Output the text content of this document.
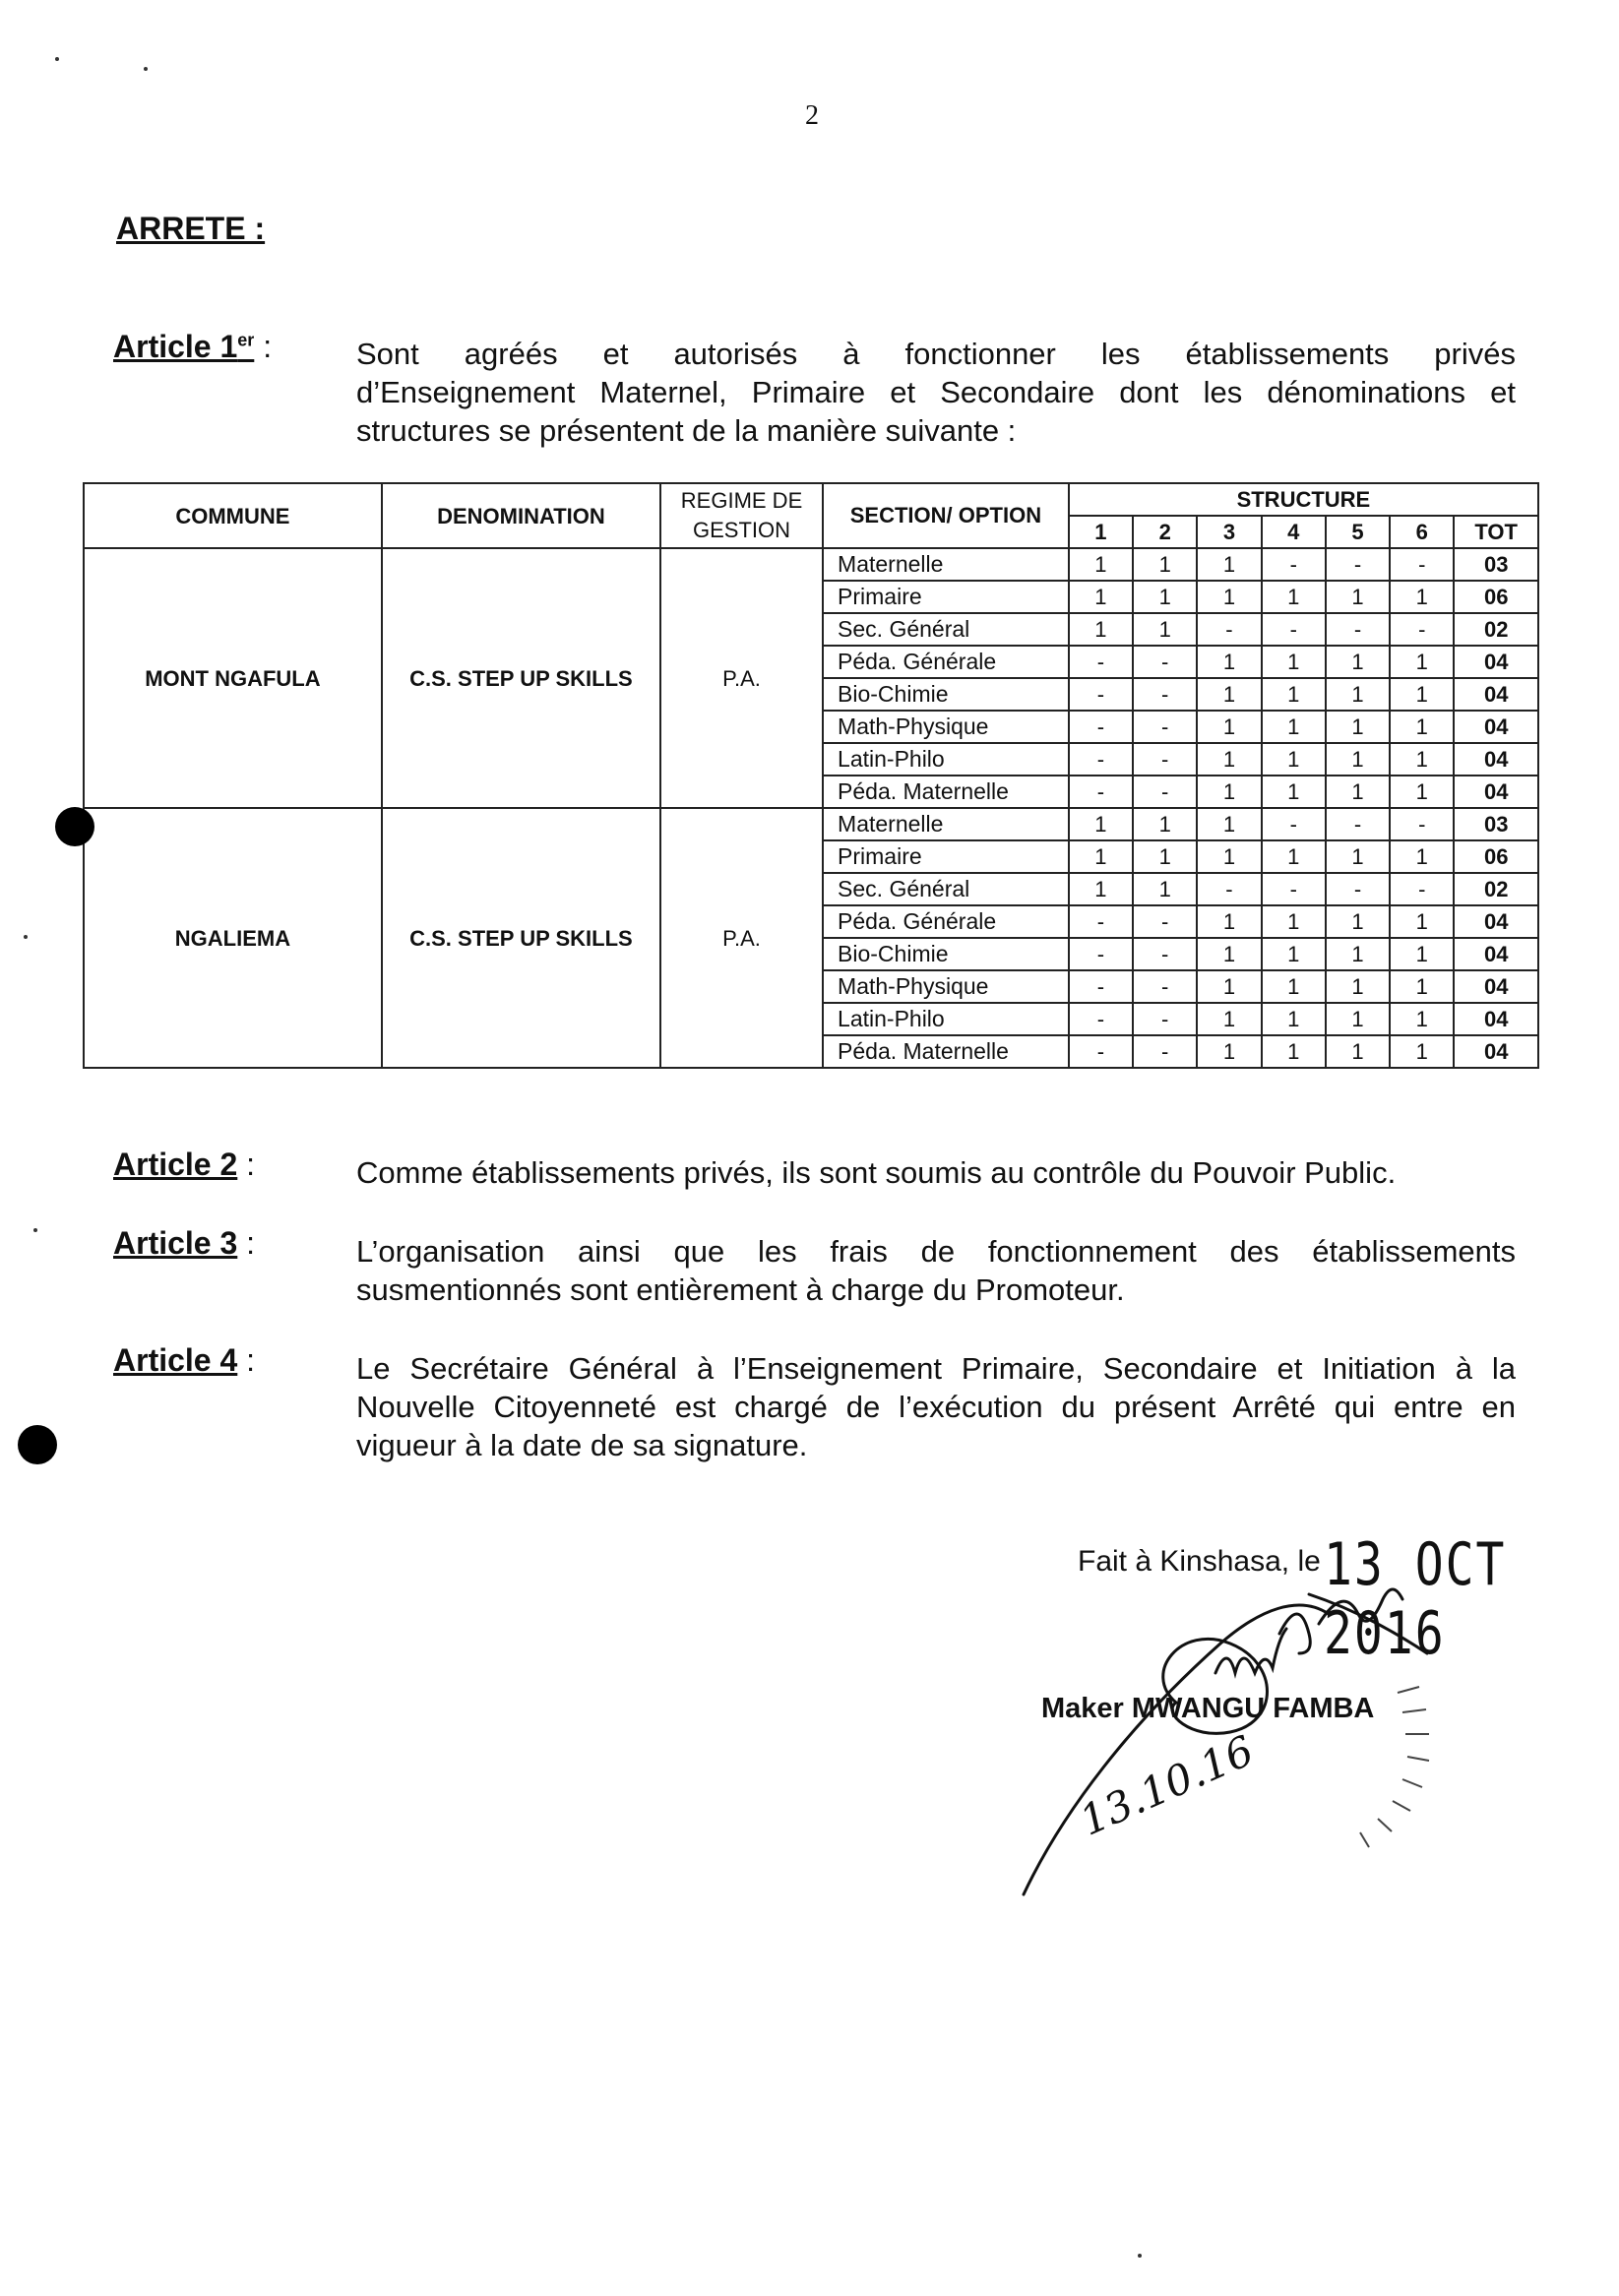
2
ARRETE :
Article 1er :	Sont agréés et autorisés à fonctionner les établissements privés
d’Enseignement Maternel, Primaire et Secondaire dont les dénominations et
structures se présentent de la manière suivante :
COMMUNE	DENOMINATION	REGIME DE GESTION	SECTION/ OPTION	STRUCTURE						
				1	2	3	4	5	6	TOT
MONT NGAFULA	C.S. STEP UP SKILLS	P.A.	Maternelle	1	1	1	-	-	-	03
			Primaire	1	1	1	1	1	1	06
			Sec. Général	1	1	-	-	-	-	02
			Péda. Générale	-	-	1	1	1	1	04
			Bio-Chimie	-	-	1	1	1	1	04
			Math-Physique	-	-	1	1	1	1	04
			Latin-Philo	-	-	1	1	1	1	04
			Péda. Maternelle	-	-	1	1	1	1	04
NGALIEMA	C.S. STEP UP SKILLS	P.A.	Maternelle	1	1	1	-	-	-	03
			Primaire	1	1	1	1	1	1	06
			Sec. Général	1	1	-	-	-	-	02
			Péda. Générale	-	-	1	1	1	1	04
			Bio-Chimie	-	-	1	1	1	1	04
			Math-Physique	-	-	1	1	1	1	04
			Latin-Philo	-	-	1	1	1	1	04
			Péda. Maternelle	-	-	1	1	1	1	04
Article 2 :	Comme établissements privés, ils sont soumis au contrôle du Pouvoir Public.
Article 3 :	L’organisation ainsi que les frais de fonctionnement des établissements
susmentionnés sont entièrement à charge du Promoteur.
Article 4 :	Le Secrétaire Général à l’Enseignement Primaire, Secondaire et Initiation à la
Nouvelle Citoyenneté est chargé de l’exécution du présent Arrêté qui entre en
vigueur à la date de sa signature.
Fait à Kinshasa, le 13 OCT 2016
Maker MWANGU FAMBA
13.10.16
